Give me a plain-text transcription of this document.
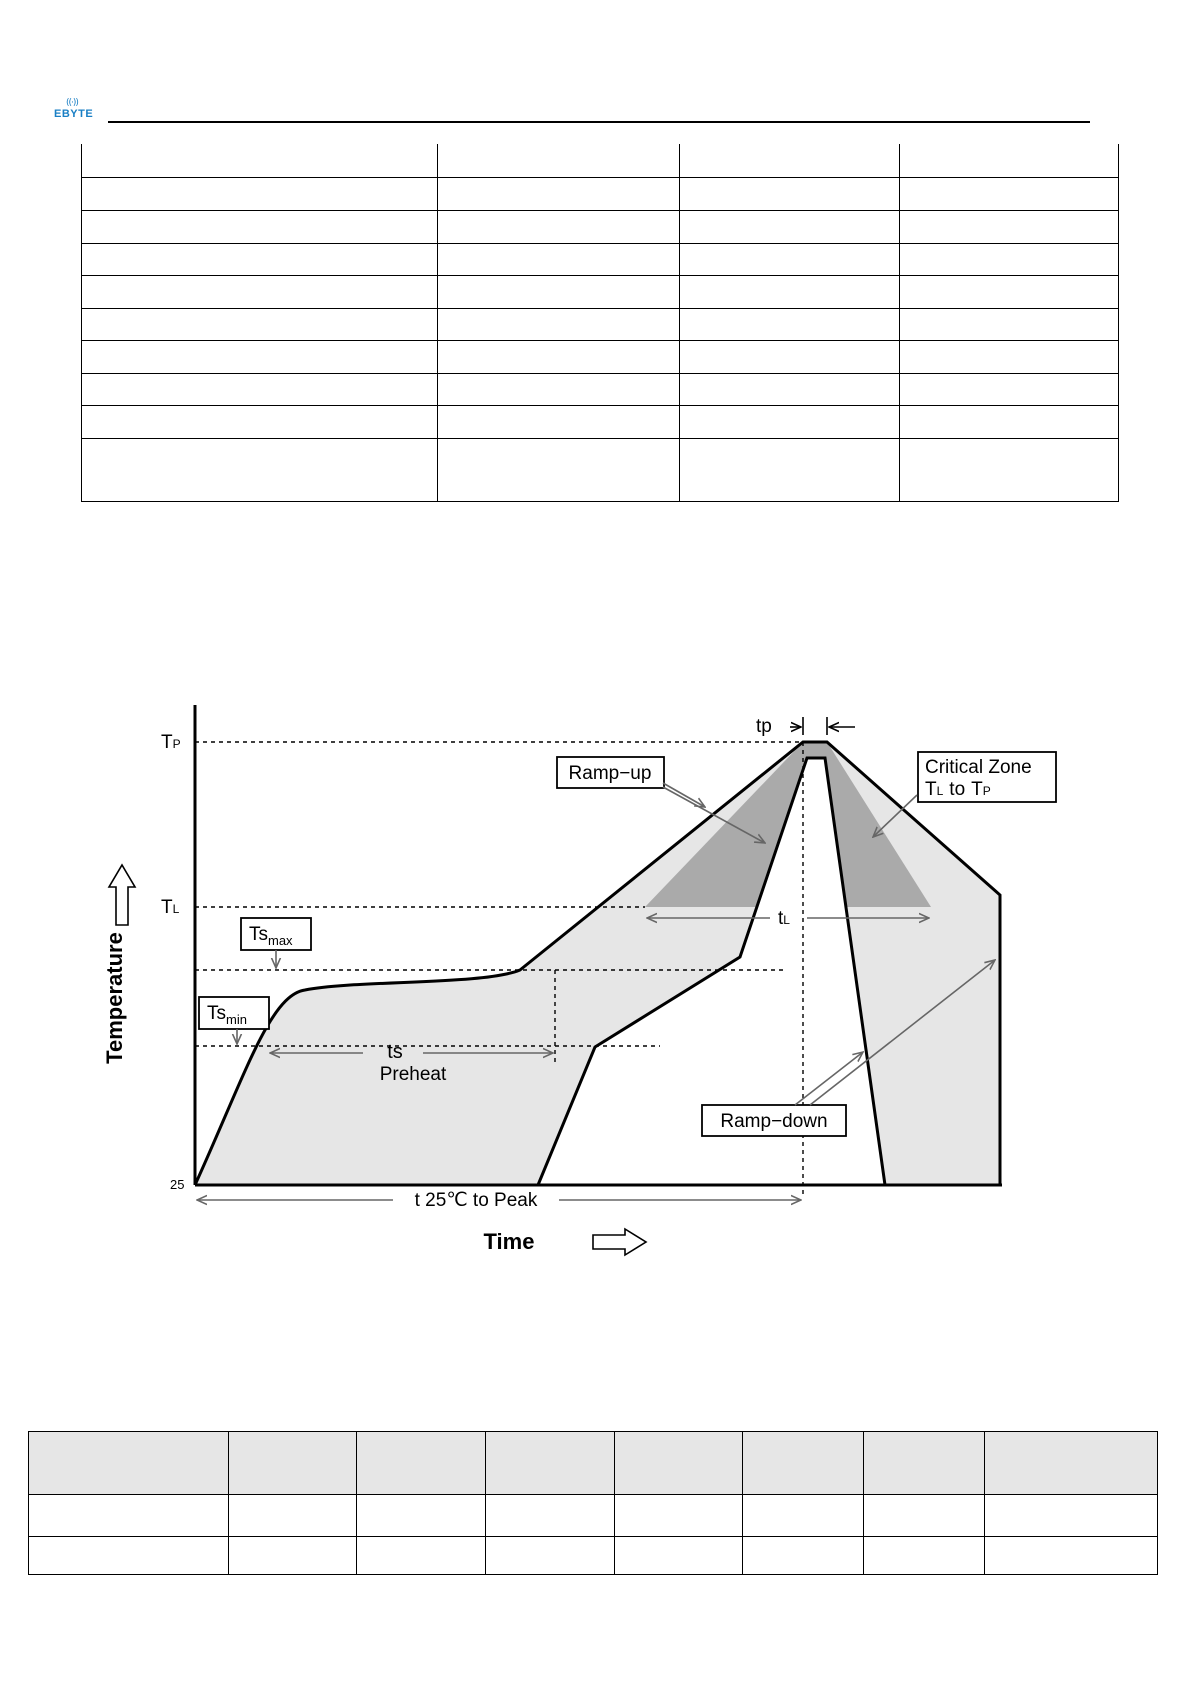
((·))
EBYTE

TP
TL
25
$Ts_{max}$
$Ts_{min}$
ts
Preheat
tL
tp
Ramp−up	Critical Zone
TL to TP
Ramp−down
t 25℃ to Peak
Time
Temperature
